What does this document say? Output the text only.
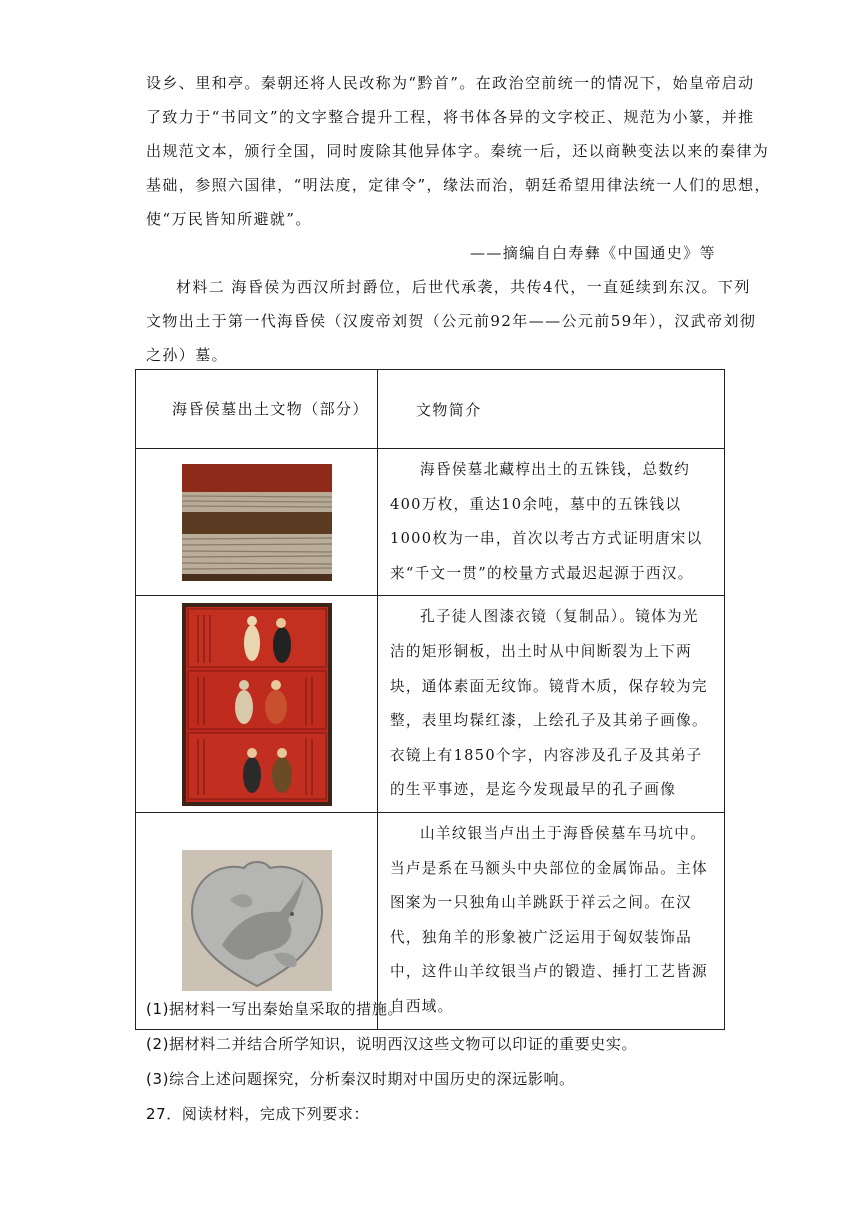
设乡、里和亭。秦朝还将人民改称为“黔首”。在政治空前统一的情况下，始皇帝启动
了致力于“书同文”的文字整合提升工程，将书体各异的文字校正、规范为小篆，并推
出规范文本，颁行全国，同时废除其他异体字。秦统一后，还以商鞅变法以来的秦律为
基础，参照六国律，“明法度，定律令”，缘法而治，朝廷希望用律法统一人们的思想，
使“万民皆知所避就”。
——摘编自白寿彝《中国通史》等
材料二 海昏侯为西汉所封爵位，后世代承袭，共传4代，一直延续到东汉。下列
文物出土于第一代海昏侯（汉废帝刘贺（公元前92年——公元前59年），汉武帝刘彻
之孙）墓。
海昏侯墓出土文物（部分）	文物简介

	海昏侯墓北藏椁出土的五铢钱，总数约400万枚，重达10余吨，墓中的五铢钱以1000枚为一串，首次以考古方式证明唐宋以来“千文一贯”的校量方式最迟起源于西汉。

	孔子徒人图漆衣镜（复制品）。镜体为光洁的矩形铜板，出土时从中间断裂为上下两块，通体素面无纹饰。镜背木质，保存较为完整，表里均髹红漆，上绘孔子及其弟子画像。衣镜上有1850个字，内容涉及孔子及其弟子的生平事迹，是迄今发现最早的孔子画像

	山羊纹银当卢出土于海昏侯墓车马坑中。当卢是系在马额头中央部位的金属饰品。主体图案为一只独角山羊跳跃于祥云之间。在汉代，独角羊的形象被广泛运用于匈奴装饰品中，这件山羊纹银当卢的锻造、捶打工艺皆源自西域。
(1)据材料一写出秦始皇采取的措施。
(2)据材料二并结合所学知识，说明西汉这些文物可以印证的重要史实。
(3)综合上述问题探究，分析秦汉时期对中国历史的深远影响。
27．阅读材料，完成下列要求：
